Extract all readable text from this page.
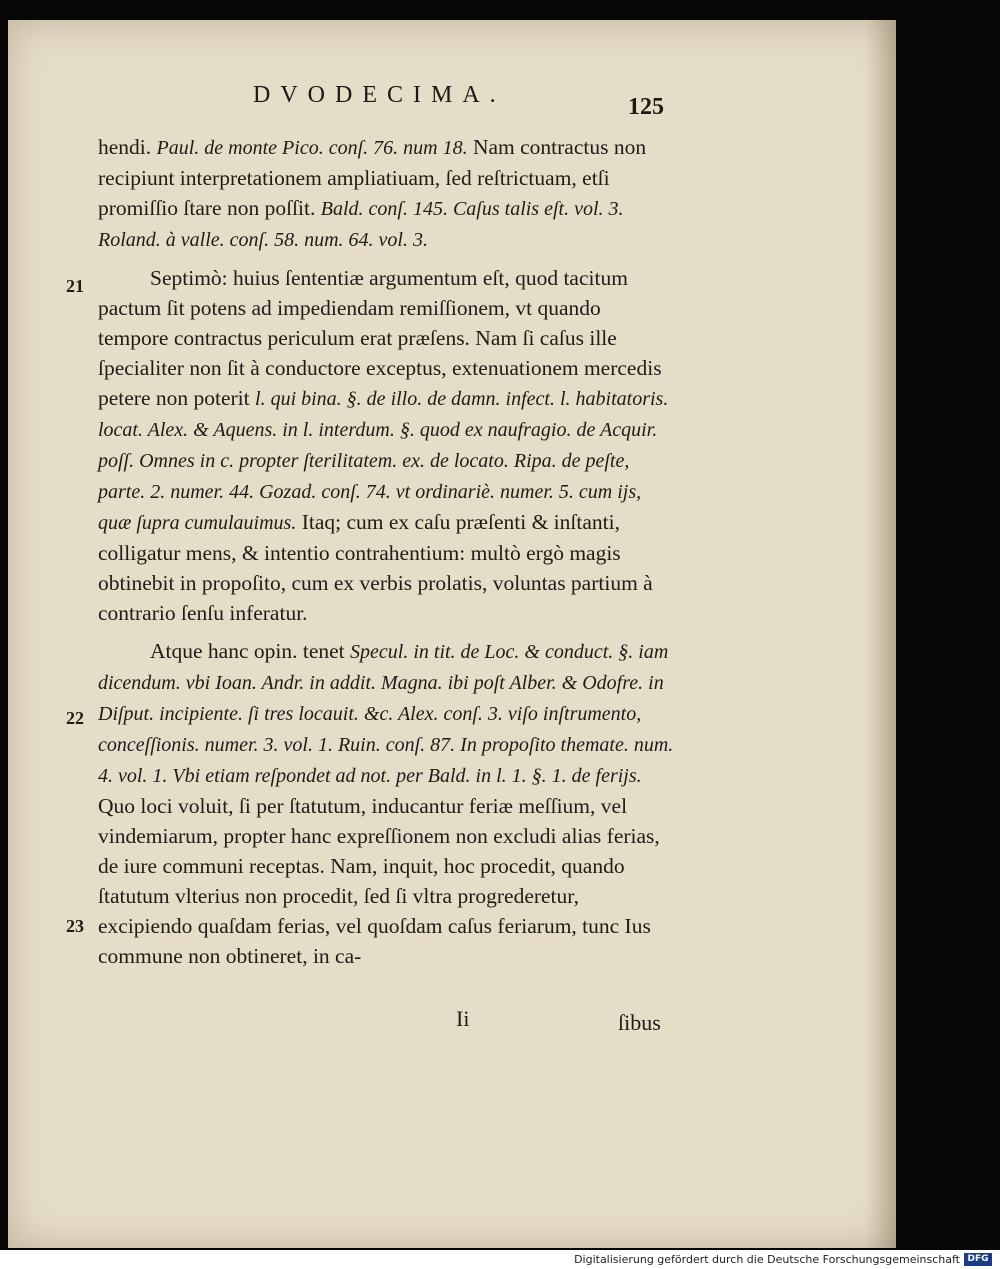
DVODECIMA.	125

hendi. Paul. de monte Pico. conſ. 76. num 18. Nam contractus non recipiunt interpretationem ampliatiuam, ſed reſtrictuam, etſi promiſſio ſtare non poſſit. Bald. conſ. 145. Caſus talis eſt. vol. 3. Roland. à valle. conſ. 58. num. 64. vol. 3.

Septimò: huius ſententiæ argumentum eſt, quod tacitum pactum ſit potens ad impediendam remiſſionem, vt quando tempore contractus periculum erat præſens. Nam ſi caſus ille ſpecialiter non ſit à conductore exceptus, extenuationem mercedis petere non poterit l. qui bina. §. de illo. de damn. infect. l. habitatoris. locat. Alex. & Aquens. in l. interdum. §. quod ex naufragio. de Acquir. poſſ. Omnes in c. propter ſterilitatem. ex. de locato. Ripa. de peſte, parte. 2. numer. 44. Gozad. conſ. 74. vt ordinariè. numer. 5. cum ijs, quæ ſupra cumulauimus. Itaq; cum ex caſu præſenti & inſtanti, colligatur mens, & intentio contrahentium: multò ergò magis obtinebit in propoſito, cum ex verbis prolatis, voluntas partium à contrario ſenſu inferatur.

Atque hanc opin. tenet Specul. in tit. de Loc. & conduct. §. iam dicendum. vbi Ioan. Andr. in addit. Magna. ibi poſt Alber. & Odofre. in Diſput. incipiente. ſi tres locauit. &c. Alex. conſ. 3. viſo inſtrumento, conceſſionis. numer. 3. vol. 1. Ruin. conſ. 87. In propoſito themate. num. 4. vol. 1. Vbi etiam reſpondet ad not. per Bald. in l. 1. §. 1. de ferijs. Quo loci voluit, ſi per ſtatutum, inducantur feriæ meſſium, vel vindemiarum, propter hanc expreſſionem non excludi alias ferias, de iure communi receptas. Nam, inquit, hoc procedit, quando ſtatutum vlterius non procedit, ſed ſi vltra progrederetur, excipiendo quaſdam ferias, vel quoſdam caſus feriarum, tunc Ius commune non obtineret, in ca-

21
22
23
Ii	ſibus
Digitalisierung gefördert durch die Deutsche Forschungsgemeinschaft DFG
